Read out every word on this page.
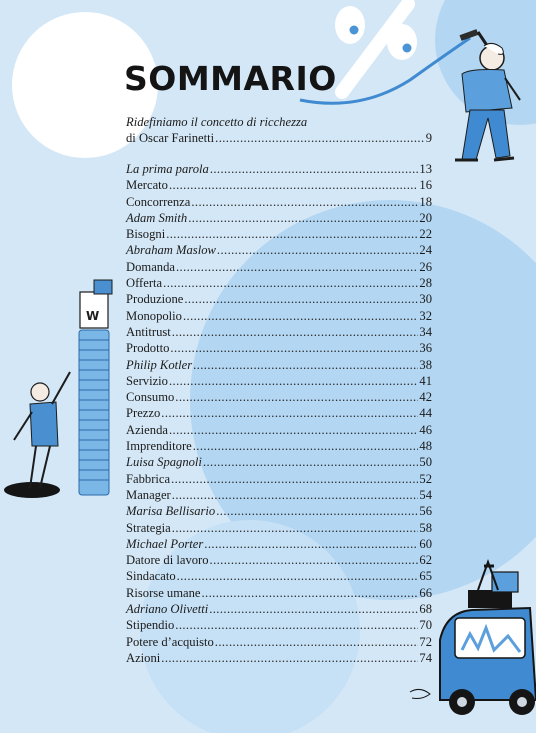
W
SOMMARIO
Ridefiniamo il concetto di ricchezza
di Oscar Farinetti .....	9
La prima parola .....	13
Mercato .....	16
Concorrenza .....	18
Adam Smith .....	20
Bisogni .....	22
Abraham Maslow .....	24
Domanda .....	26
Offerta .....	28
Produzione .....	30
Monopolio .....	32
Antitrust .....	34
Prodotto .....	36
Philip Kotler .....	38
Servizio .....	41
Consumo .....	42
Prezzo .....	44
Azienda .....	46
Imprenditore .....	48
Luisa Spagnoli .....	50
Fabbrica .....	52
Manager .....	54
Marisa Bellisario .....	56
Strategia .....	58
Michael Porter .....	60
Datore di lavoro .....	62
Sindacato .....	65
Risorse umane .....	66
Adriano Olivetti .....	68
Stipendio .....	70
Potere d’acquisto .....	72
Azioni .....	74
